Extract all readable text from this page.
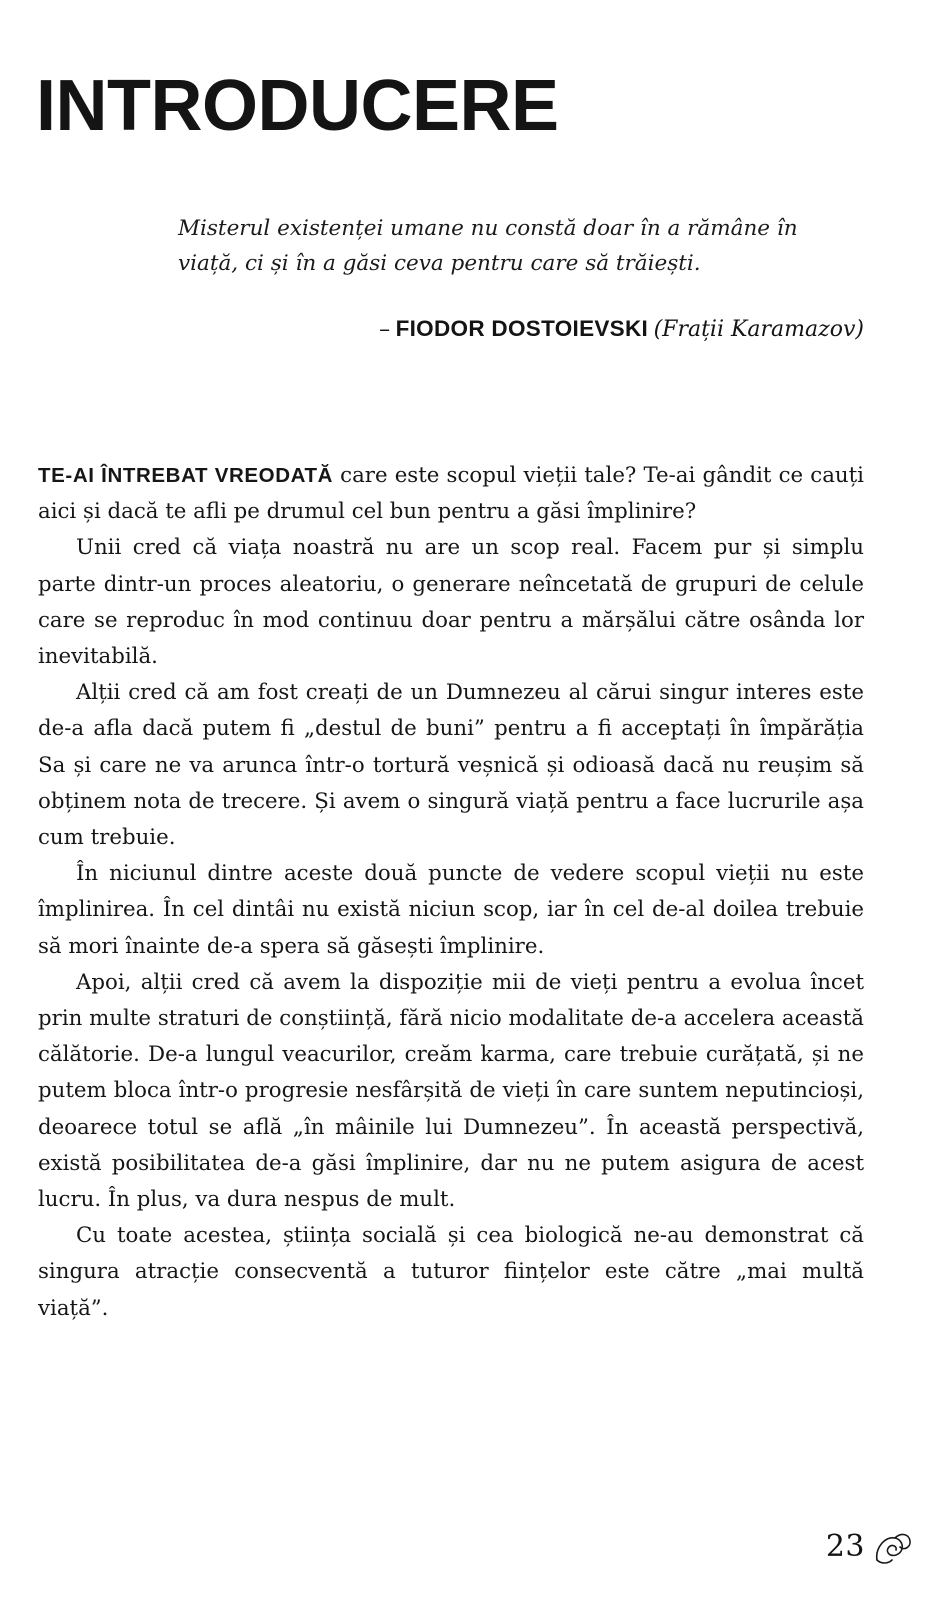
INTRODUCERE

Misterul existenței umane nu constă doar în a rămâne în viață, ci și în a găsi ceva pentru care să trăiești.

– FIODOR DOSTOIEVSKI (Frații Karamazov)

TE-AI ÎNTREBAT VREODATĂ care este scopul vieții tale? Te-ai gândit ce cauți aici și dacă te afli pe drumul cel bun pentru a găsi împlinire?

Unii cred că viața noastră nu are un scop real. Facem pur și simplu parte dintr-un proces aleatoriu, o generare neîncetată de grupuri de celule care se reproduc în mod continuu doar pentru a mărșălui către osânda lor inevitabilă.

Alții cred că am fost creați de un Dumnezeu al cărui singur interes este de-a afla dacă putem fi „destul de buni” pentru a fi acceptați în împărăția Sa și care ne va arunca într-o tortură veșnică și odioasă dacă nu reușim să obținem nota de trecere. Și avem o singură viață pentru a face lucrurile așa cum trebuie.

În niciunul dintre aceste două puncte de vedere scopul vieții nu este împlinirea. În cel dintâi nu există niciun scop, iar în cel de-al doilea trebuie să mori înainte de-a spera să găsești împlinire.

Apoi, alții cred că avem la dispoziție mii de vieți pentru a evolua încet prin multe straturi de conștiință, fără nicio modalitate de-a accelera această călătorie. De-a lungul veacurilor, creăm karma, care trebuie curățată, și ne putem bloca într-o progresie nesfârșită de vieți în care suntem neputincioși, deoarece totul se află „în mâinile lui Dumnezeu”. În această perspectivă, există posibilitatea de-a găsi împlinire, dar nu ne putem asigura de acest lucru. În plus, va dura nespus de mult.

Cu toate acestea, știința socială și cea biologică ne-au demonstrat că singura atracție consecventă a tuturor ființelor este către „mai multă viață”.

23
